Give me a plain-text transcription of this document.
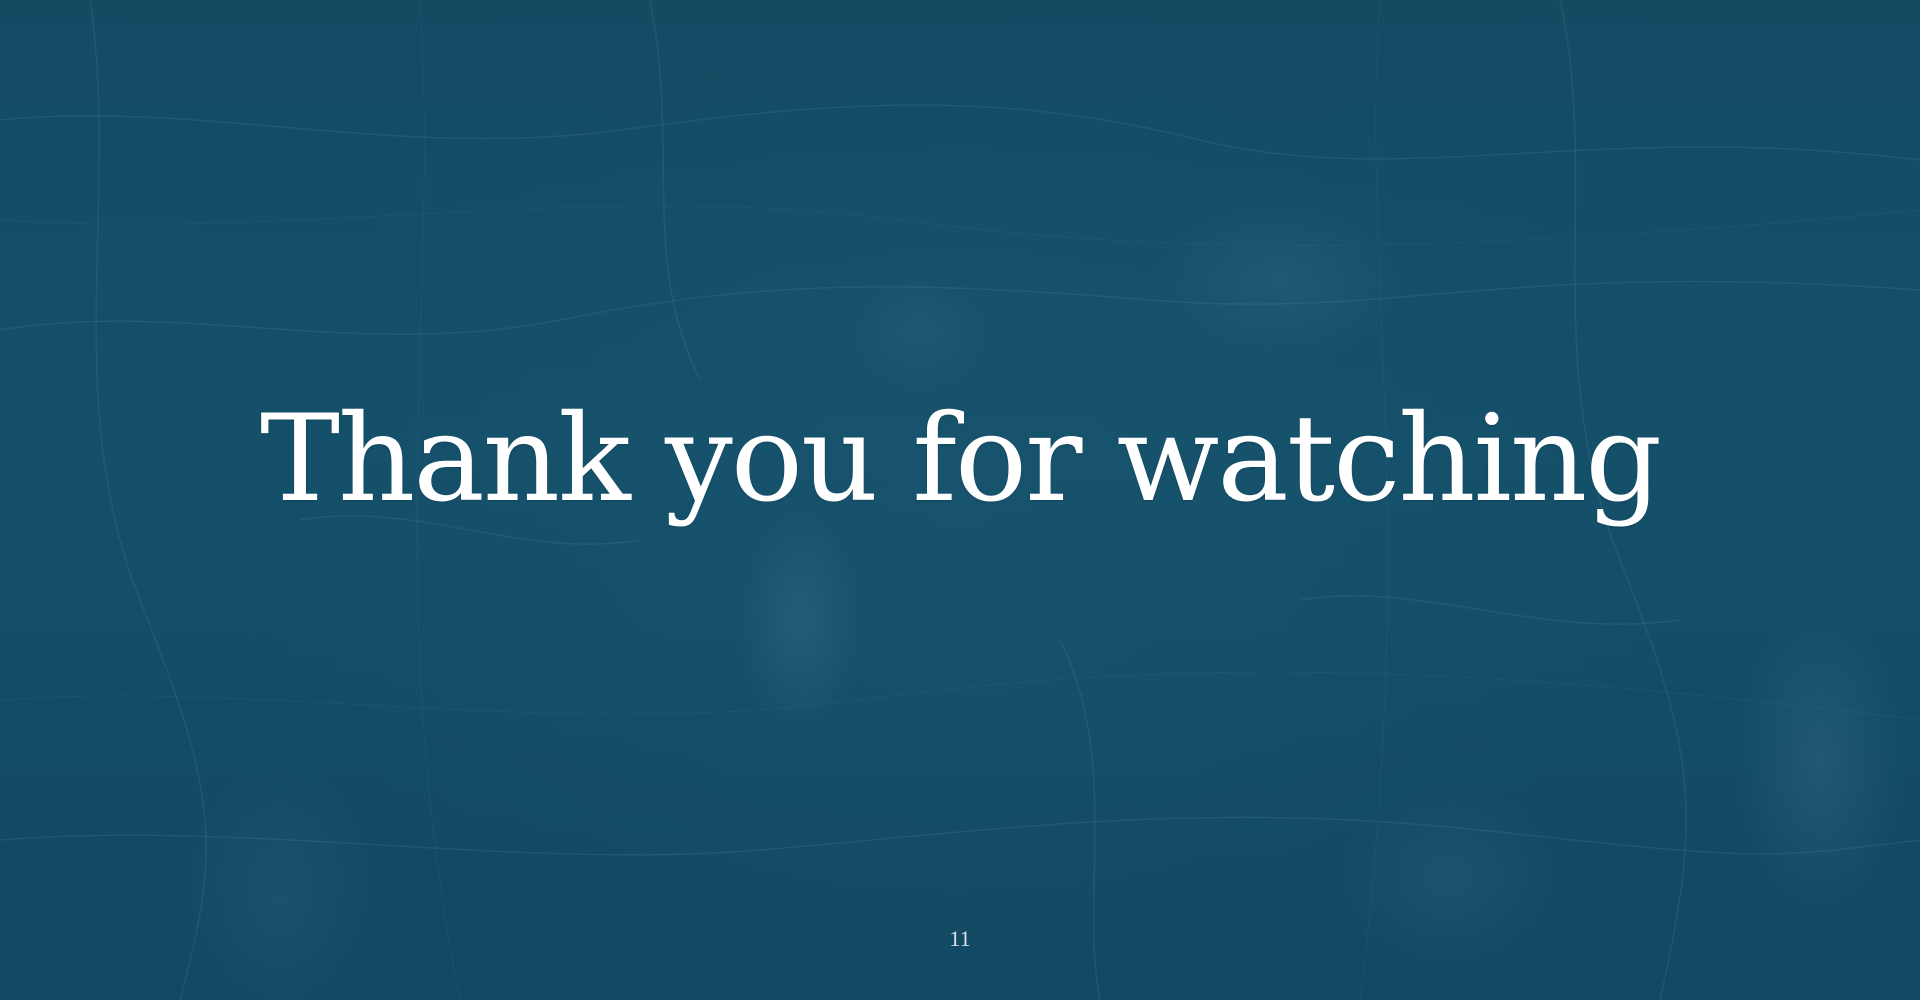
Thank you for watching
11
